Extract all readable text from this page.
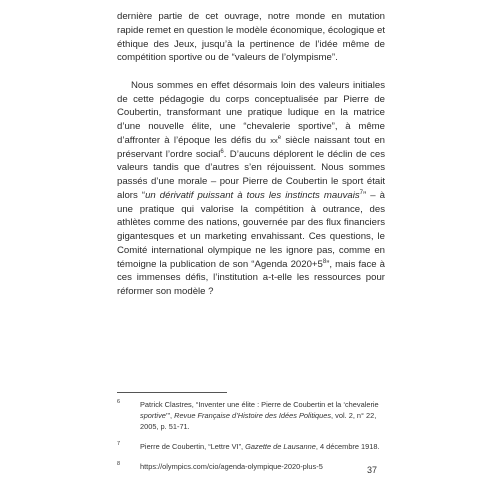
dernière partie de cet ouvrage, notre monde en mutation rapide remet en question le modèle économique, écologique et éthique des Jeux, jusqu’à la pertinence de l’idée même de compétition sportive ou de “valeurs de l’olympisme”.

Nous sommes en effet désormais loin des valeurs initiales de cette pédagogie du corps conceptualisée par Pierre de Coubertin, transformant une pratique ludique en la matrice d’une nouvelle élite, une “chevalerie sportive”, à même d’affronter à l’époque les défis du $xx^e$ siècle naissant tout en préservant l’ordre social$^6$. D’aucuns déplorent le déclin de ces valeurs tandis que d’autres s’en réjouissent. Nous sommes passés d’une morale – pour Pierre de Coubertin le sport était alors “un dérivatif puissant à tous les instincts mauvais$^7$” – à une pratique qui valorise la compétition à outrance, des athlètes comme des nations, gouvernée par des flux financiers gigantesques et un marketing envahissant. Ces questions, le Comité international olympique ne les ignore pas, comme en témoigne la publication de son “Agenda $2020+5^8$”, mais face à ces immenses défis, l’institution a-t-elle les ressources pour réformer son modèle ?

6	Patrick Clastres, “Inventer une élite : Pierre de Coubertin et la ‘chevalerie sportive’”, Revue Française d’Histoire des Idées Politiques, vol. 2, n° 22, 2005, p. 51-71.
7	Pierre de Coubertin, “Lettre VI”, Gazette de Lausanne, 4 décembre 1918.
8	https://olympics.com/cio/agenda-olympique-2020-plus-5	37
